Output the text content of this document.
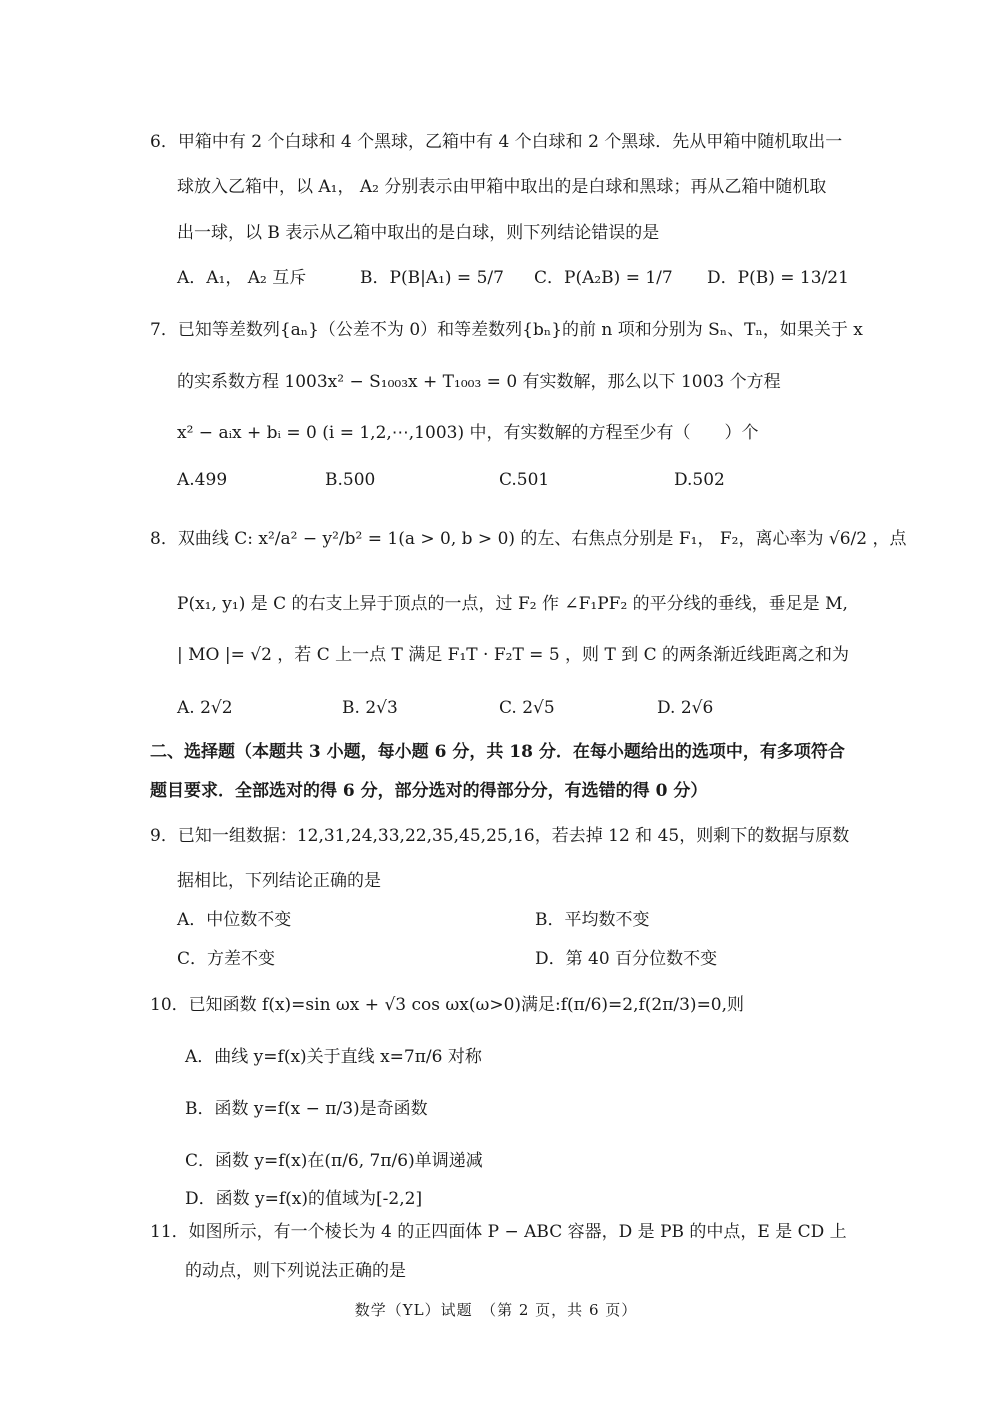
6．甲箱中有 2 个白球和 4 个黑球，乙箱中有 4 个白球和 2 个黑球．先从甲箱中随机取出一
球放入乙箱中，以 A₁， A₂ 分别表示由甲箱中取出的是白球和黑球；再从乙箱中随机取
出一球，以 B 表示从乙箱中取出的是白球，则下列结论错误的是
A．A₁， A₂ 互斥	B．P(B|A₁) = 5/7 C．P(A₂B) = 1/7 D．P(B) = 13/21
7．已知等差数列{aₙ}（公差不为 0）和等差数列{bₙ}的前 n 项和分别为 Sₙ、Tₙ，如果关于 x
的实系数方程 1003x² − S₁₀₀₃x + T₁₀₀₃ = 0 有实数解，那么以下 1003 个方程
x² − aᵢx + bᵢ = 0 (i = 1,2,⋯,1003) 中，有实数解的方程至少有（　　）个
A.499	B.500	C.501	D.502
8．双曲线 C: x²/a² − y²/b² = 1(a > 0, b > 0) 的左、右焦点分别是 F₁， F₂，离心率为 √6/2 ，点
P(x₁, y₁) 是 C 的右支上异于顶点的一点，过 F₂ 作 ∠F₁PF₂ 的平分线的垂线，垂足是 M,
| MO |= √2 ，若 C 上一点 T 满足 F₁T · F₂T = 5 ，则 T 到 C 的两条渐近线距离之和为
A. 2√2	B. 2√3	C. 2√5	D. 2√6
二、选择题（本题共 3 小题，每小题 6 分，共 18 分．在每小题给出的选项中，有多项符合
题目要求．全部选对的得 6 分，部分选对的得部分分，有选错的得 0 分）
9．已知一组数据：12,31,24,33,22,35,45,25,16，若去掉 12 和 45，则剩下的数据与原数
据相比，下列结论正确的是
A．中位数不变	B．平均数不变
C．方差不变	D．第 40 百分位数不变
10．已知函数 f(x)=sin ωx + √3 cos ωx(ω>0)满足:f(π/6)=2,f(2π/3)=0,则
A．曲线 y=f(x)关于直线 x=7π/6 对称
B．函数 y=f(x − π/3)是奇函数
C．函数 y=f(x)在(π/6, 7π/6)单调递减
D．函数 y=f(x)的值域为[-2,2]
11．如图所示，有一个棱长为 4 的正四面体 P − ABC 容器，D 是 PB 的中点，E 是 CD 上
的动点，则下列说法正确的是
数学（YL）试题　（第 2 页，共 6 页）
